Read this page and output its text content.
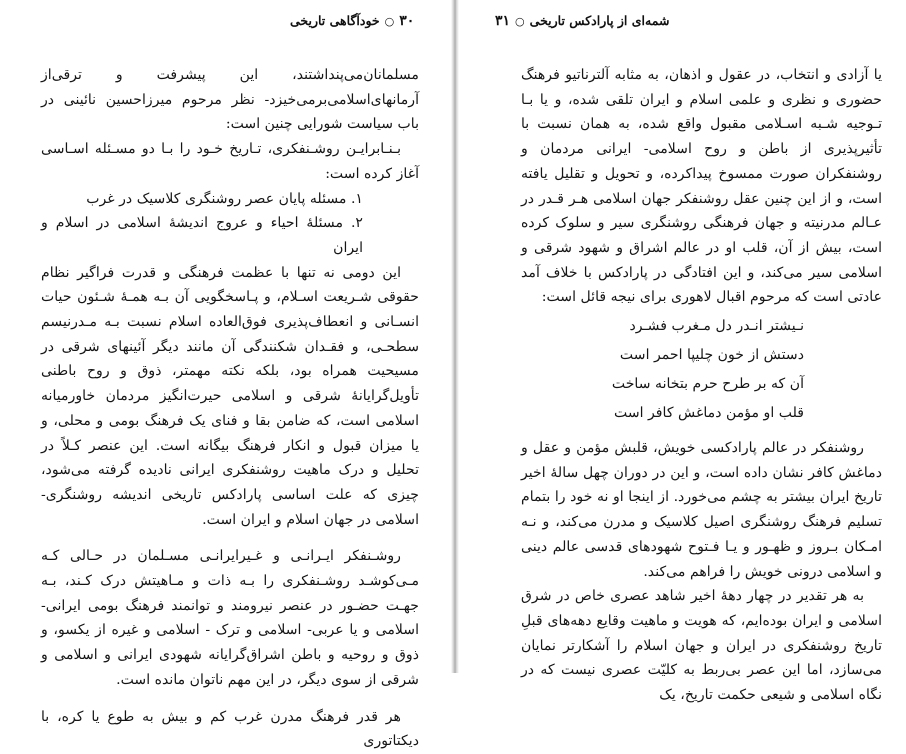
۳۰○خودآگاهی تاریخی

مسلمانان‌می‌پنداشتند، این پیشرفت‌ و ترقی‌از آرمانهای‌اسلامی‌برمی‌خیزد- نظر مرحوم میرزاحسین نائینی در باب سیاست شورایی چنین است:

بـنـابرایـن روشـنفکری، تـاریخ خـود را بـا دو مسـئله اسـاسی آغاز کرده است:

۱. مسئله پایان عصر روشنگری کلاسیک در غرب

۲. مسئلهٔ احیاء و عروج اندیشهٔ اسلامی در اسلام و ایران

این دومی نه تنها با عظمت فرهنگی و قدرت فراگیر نظام حقوقی شـریعت اسـلام، و پـاسخگویی آن بـه همـهٔ شـئون حیات انسـانی و انعطاف‌پذیری فوق‌العاده اسلام نسبت بـه مـدرنیسم سطحـی، و فقـدان شکنندگی آن مانند دیگر آئینهای شرقی در مسیحیت همراه بود، بلکه نکته مهمتر، ذوق و روح باطنی تأویل‌گرایانهٔ شرقی و اسلامی حیرت‌انگیز مردمان خاورمیانه اسلامی است، که ضامن بقا و فنای یک فرهنگ بومی و محلی، و یا میزان قبول و انکار فرهنگ بیگانه است. این عنصر کـلاً در تحلیل و درک ماهیت روشنفکری ایرانی نادیده گرفته می‌شود، چیزی که علت اساسی پارادکس تاریخی اندیشه روشنگری- اسلامی در جهان اسلام و ایران است.

روشـنفکر ایـرانـی و غـیرایرانـی مسـلمان در حـالی کـه مـی‌کوشـد روشـنفکری را بـه ذات و مـاهیتش درک کـند، بـه جهـت حضـور در عنصر نیرومند و توانمند فرهنگ بومی ایرانی- اسلامی و یا عربی- اسلامی و ترک - اسلامی و غیره از یکسو، و ذوق و روحیه و باطن اشراق‌گرایانه شهودی ایرانی و اسلامی و شرقی از سوی دیگر، در این مهم ناتوان مانده است.

هر قدر فرهنگ مدرن غرب کم و بیش به طوع یا کره، با دیکتاتوری

شمه‌ای از پارادکس تاریخی○۳۱

یا آزادی و انتخاب، در عقول و اذهان، به مثابه آلترناتیو فرهنگ حضوری و نظری و علمی اسلام و ایران تلقی شده، و یا بـا تـوجیه شـبه اسـلامی مقبول واقع شده، به همان نسبت با تأثیرپذیری از باطن و روح اسلامی- ایرانی مردمان و روشنفکران صورت ممسوخ پیداکرده، و تحویل و تقلیل یافته است، و از این چنین عقل روشنفکر جهان اسلامی هـر قـدر در عـالم مدرنیته و جهان فرهنگی روشنگری سیر و سلوک کرده است، بیش از آن، قلب او در عالم اشراق و شهود شرقی و اسلامی سیر می‌کند، و این افتادگی در پارادکس با خلاف آمد عادتی است که مرحوم اقبال لاهوری برای نیجه قائل است:

نـیشتر انـدر دل مـغرب فشـرد
دستش از خون چلیپا احمر است
آن که بر طرح حرم بتخانه ساخت
قلب او مؤمن دماغش کافر است

روشنفکر در عالم پارادکسی خویش، قلبش مؤمن و عقل و دماغش کافر نشان داده است، و این در دوران چهل سالهٔ اخیر تاریخ ایران بیشتر به چشم می‌خورد. از اینجا او نه خود را بتمام تسلیم فرهنگ روشنگری اصیل کلاسیک و مدرن می‌کند، و نـه امـکان بـروز و ظهـور و یـا فـتوح شهودهای قدسی عالم دینی و اسلامی درونی خویش را فراهم می‌کند.

به هر تقدیر در چهار دههٔ اخیر شاهد عصری خاص در شرق اسلامی و ایران بوده‌ایم، که هویت و ماهیت وقایع دهه‌های قبلِ تاریخ روشنفکری در ایران و جهان اسلام را آشکارتر نمایان می‌سازد، اما این عصر بی‌ربط به کلیّت عصری نیست که در نگاه اسلامی و شیعی حکمت تاریخ، یک
